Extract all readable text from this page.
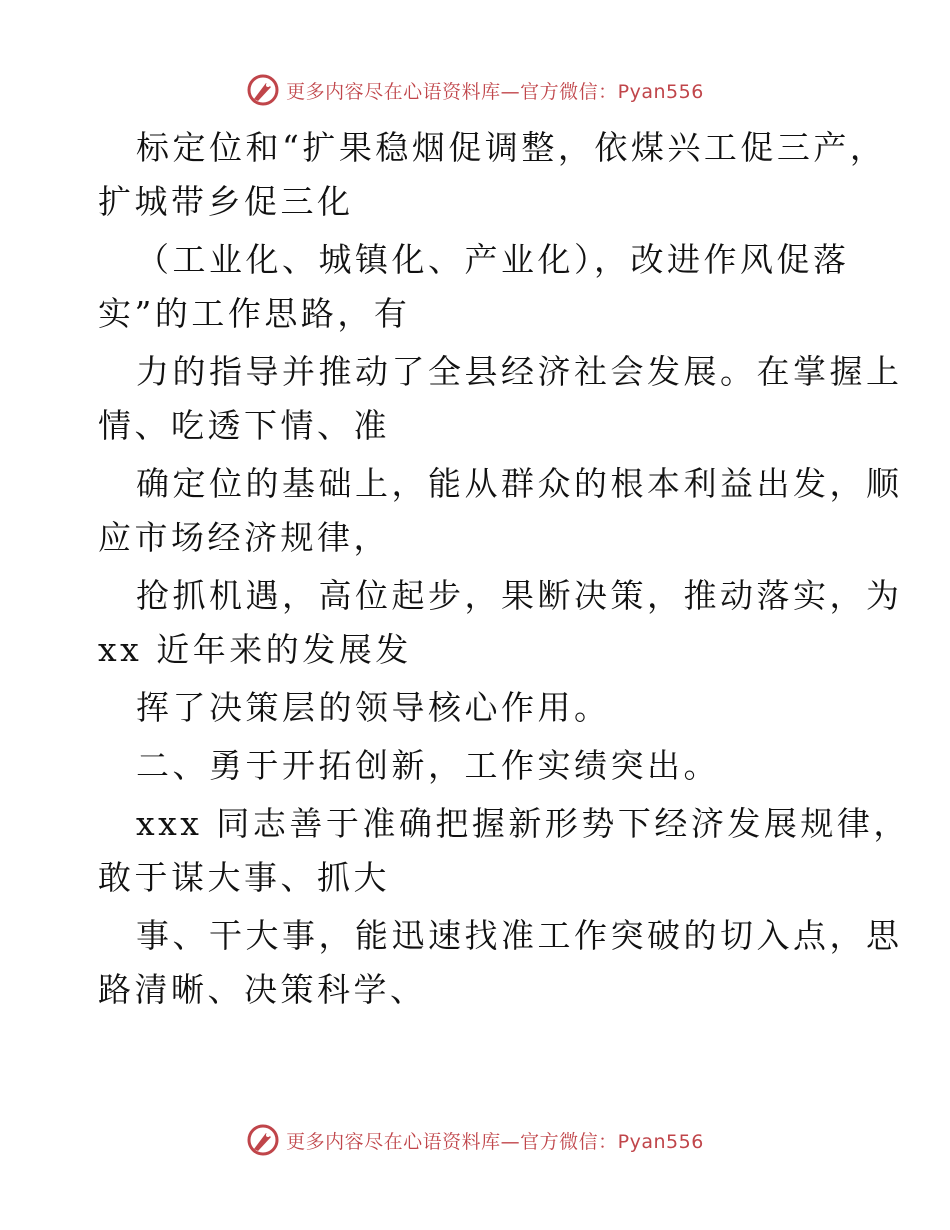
更多内容尽在心语资料库—官方微信：Pyan556
标定位和“扩果稳烟促调整，依煤兴工促三产，
扩城带乡促三化
（工业化、城镇化、产业化），改进作风促落
实”的工作思路，有
力的指导并推动了全县经济社会发展。在掌握上
情、吃透下情、准
确定位的基础上，能从群众的根本利益出发，顺
应市场经济规律，
抢抓机遇，高位起步，果断决策，推动落实，为
xx 近年来的发展发
挥了决策层的领导核心作用。
二、勇于开拓创新，工作实绩突出。
xxx 同志善于准确把握新形势下经济发展规律，
敢于谋大事、抓大
事、干大事，能迅速找准工作突破的切入点，思
路清晰、决策科学、
更多内容尽在心语资料库—官方微信：Pyan556
